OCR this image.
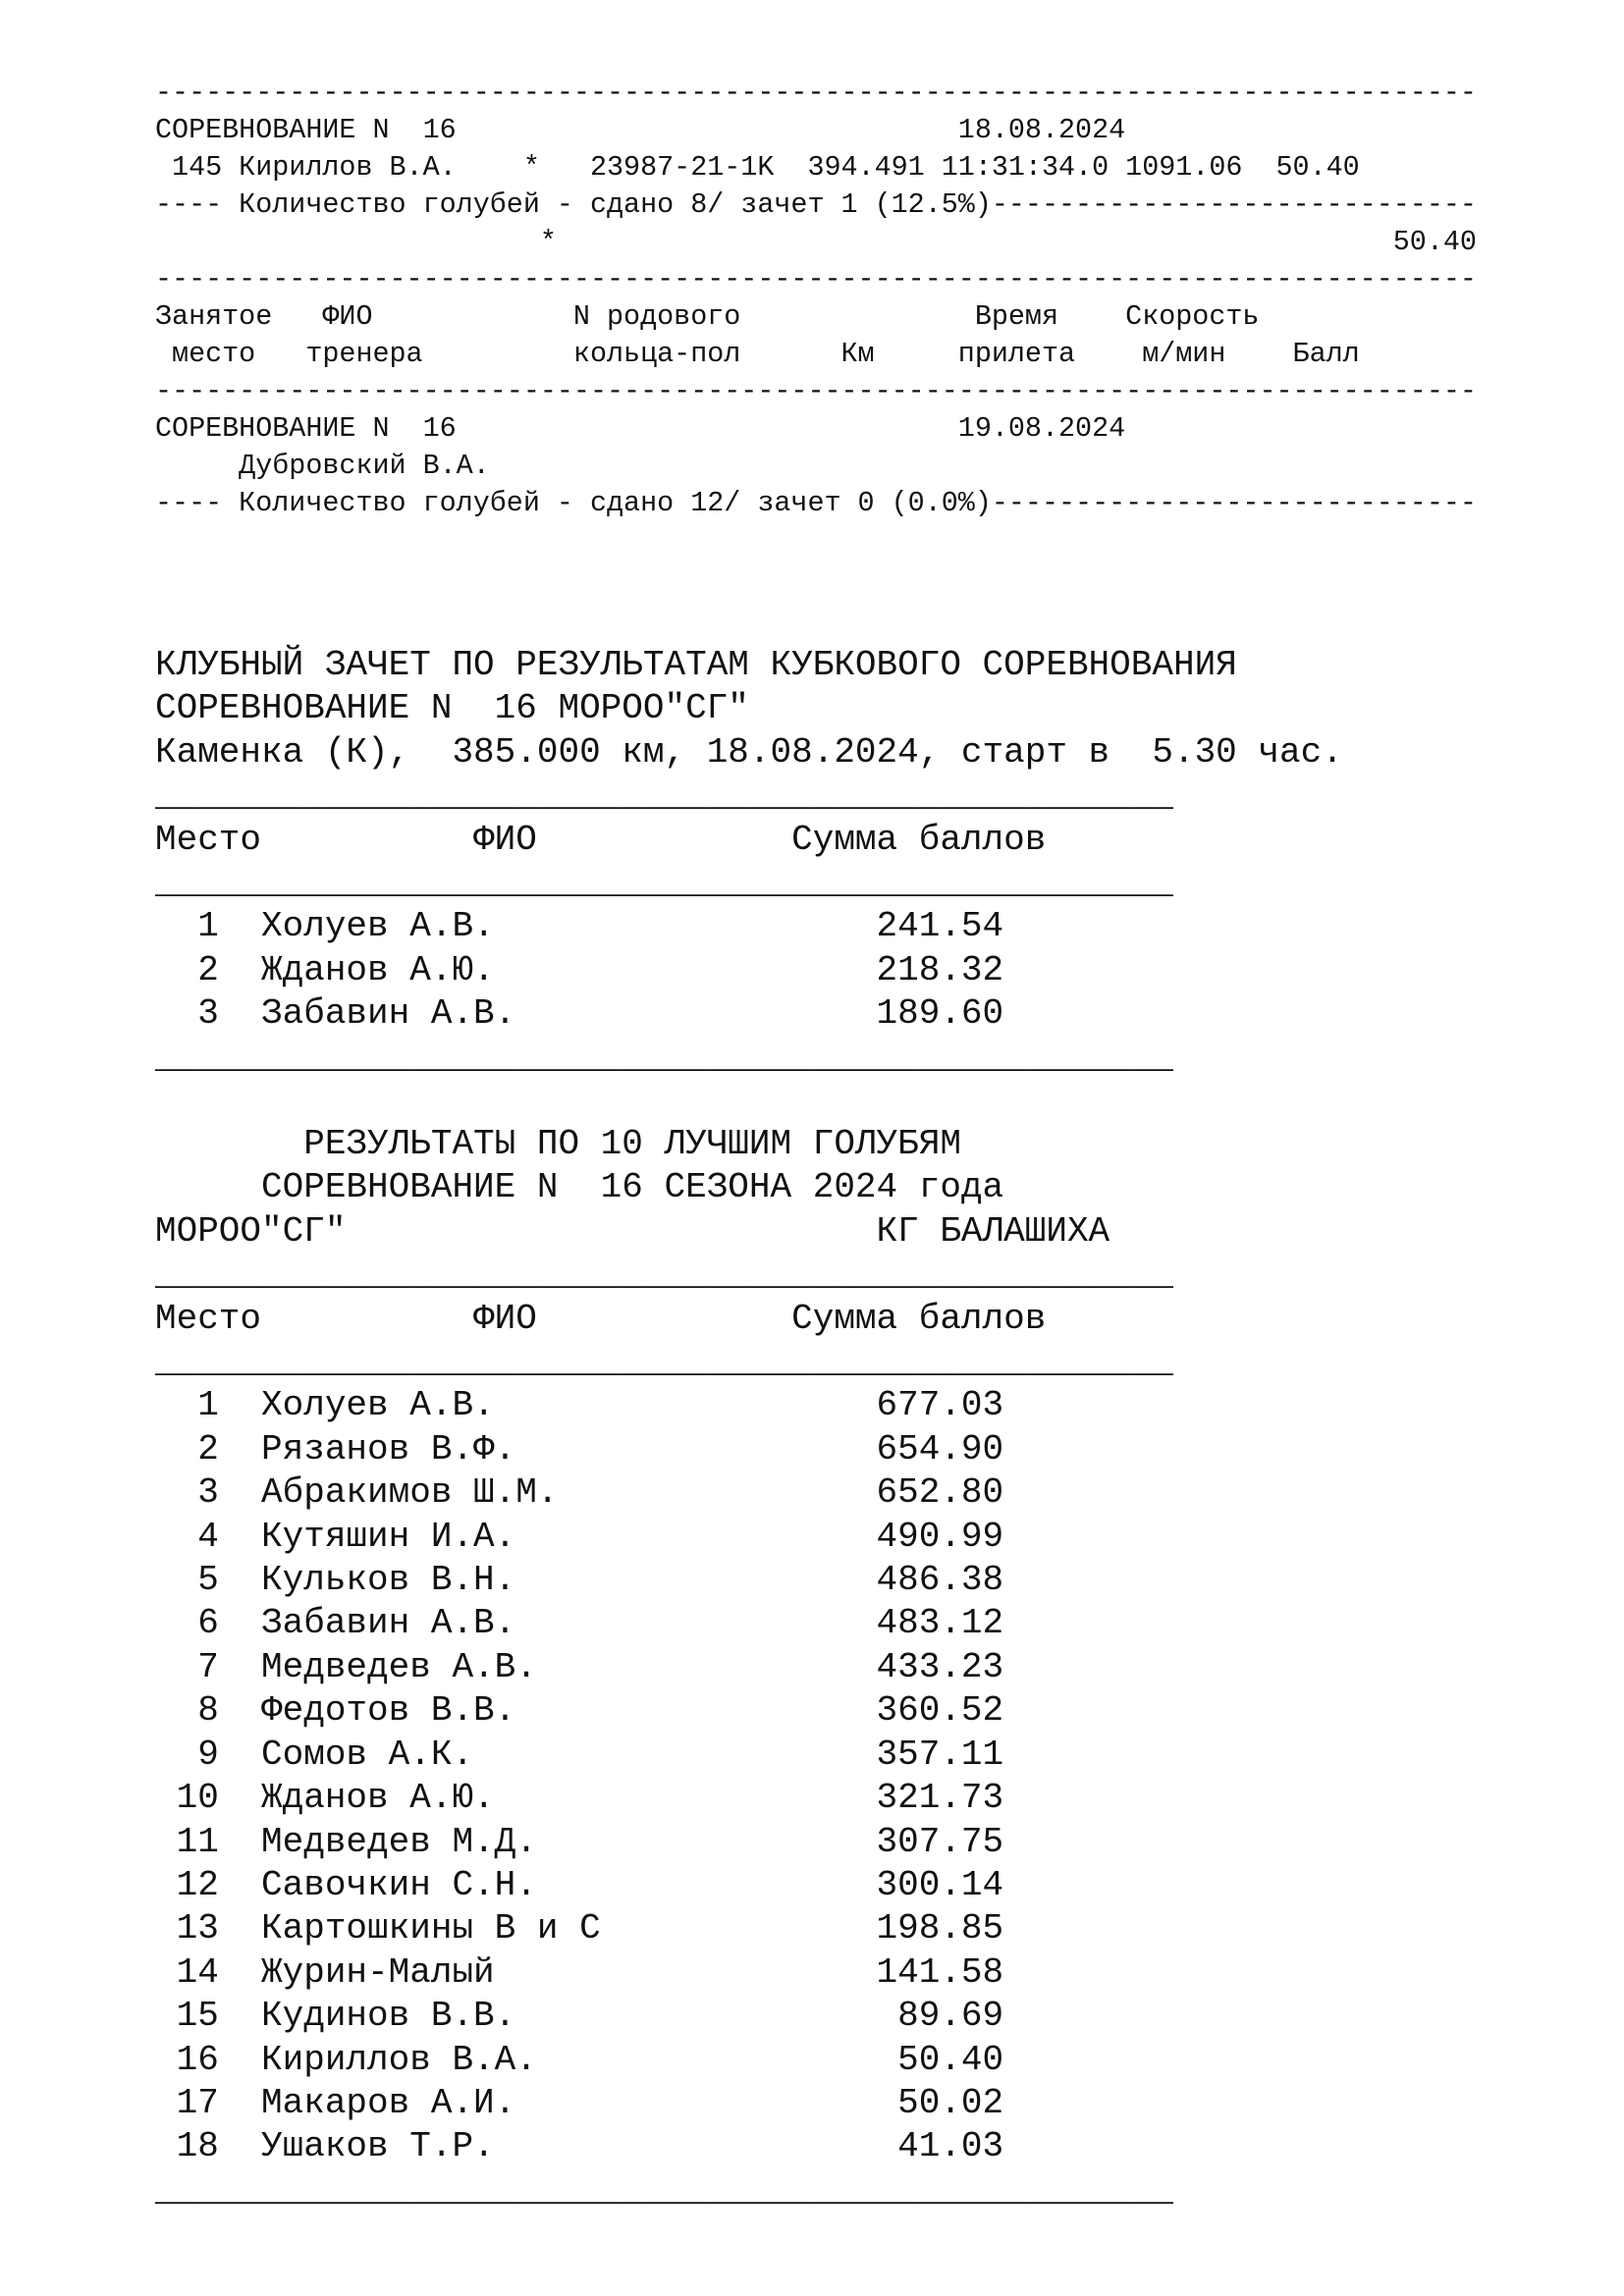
-------------------------------------------------------------------------------
СОРЕВНОВАНИЕ N  16                              18.08.2024
145 Кириллов В.А.    *   23987-21-1K  394.491 11:31:34.0 1091.06  50.40
---- Количество голубей - сдано 8/ зачет 1 (12.5%)-----------------------------
*                                                  50.40
-------------------------------------------------------------------------------
Занятое   ФИО            N родового              Время    Скорость
место   тренера         кольца-пол      Км     прилета    м/мин    Балл
-------------------------------------------------------------------------------
СОРЕВНОВАНИЕ N  16                              19.08.2024
Дубровский В.А.
---- Количество голубей - сдано 12/ зачет 0 (0.0%)-----------------------------
КЛУБНЫЙ ЗАЧЕТ ПО РЕЗУЛЬТАТАМ КУБКОВОГО СОРЕВНОВАНИЯ
СОРЕВНОВАНИЕ N  16 МОРОО"СГ"
Каменка (К),  385.000 км, 18.08.2024, старт в  5.30 час.
________________________________________________
Место          ФИО            Сумма баллов
________________________________________________
1  Холуев А.В.                  241.54
2  Жданов А.Ю.                  218.32
3  Забавин А.В.                 189.60
________________________________________________
РЕЗУЛЬТАТЫ ПО 10 ЛУЧШИМ ГОЛУБЯМ
СОРЕВНОВАНИЕ N  16 СЕЗОНА 2024 года
МОРОО"СГ"                         КГ БАЛАШИХА
________________________________________________
Место          ФИО            Сумма баллов
________________________________________________
1  Холуев А.В.                  677.03
2  Рязанов В.Ф.                 654.90
3  Абракимов Ш.М.               652.80
4  Кутяшин И.А.                 490.99
5  Кульков В.Н.                 486.38
6  Забавин А.В.                 483.12
7  Медведев А.В.                433.23
8  Федотов В.В.                 360.52
9  Сомов А.К.                   357.11
10  Жданов А.Ю.                  321.73
11  Медведев М.Д.                307.75
12  Савочкин С.Н.                300.14
13  Картошкины В и С             198.85
14  Журин-Малый                  141.58
15  Кудинов В.В.                  89.69
16  Кириллов В.А.                 50.40
17  Макаров А.И.                  50.02
18  Ушаков Т.Р.                   41.03
________________________________________________
